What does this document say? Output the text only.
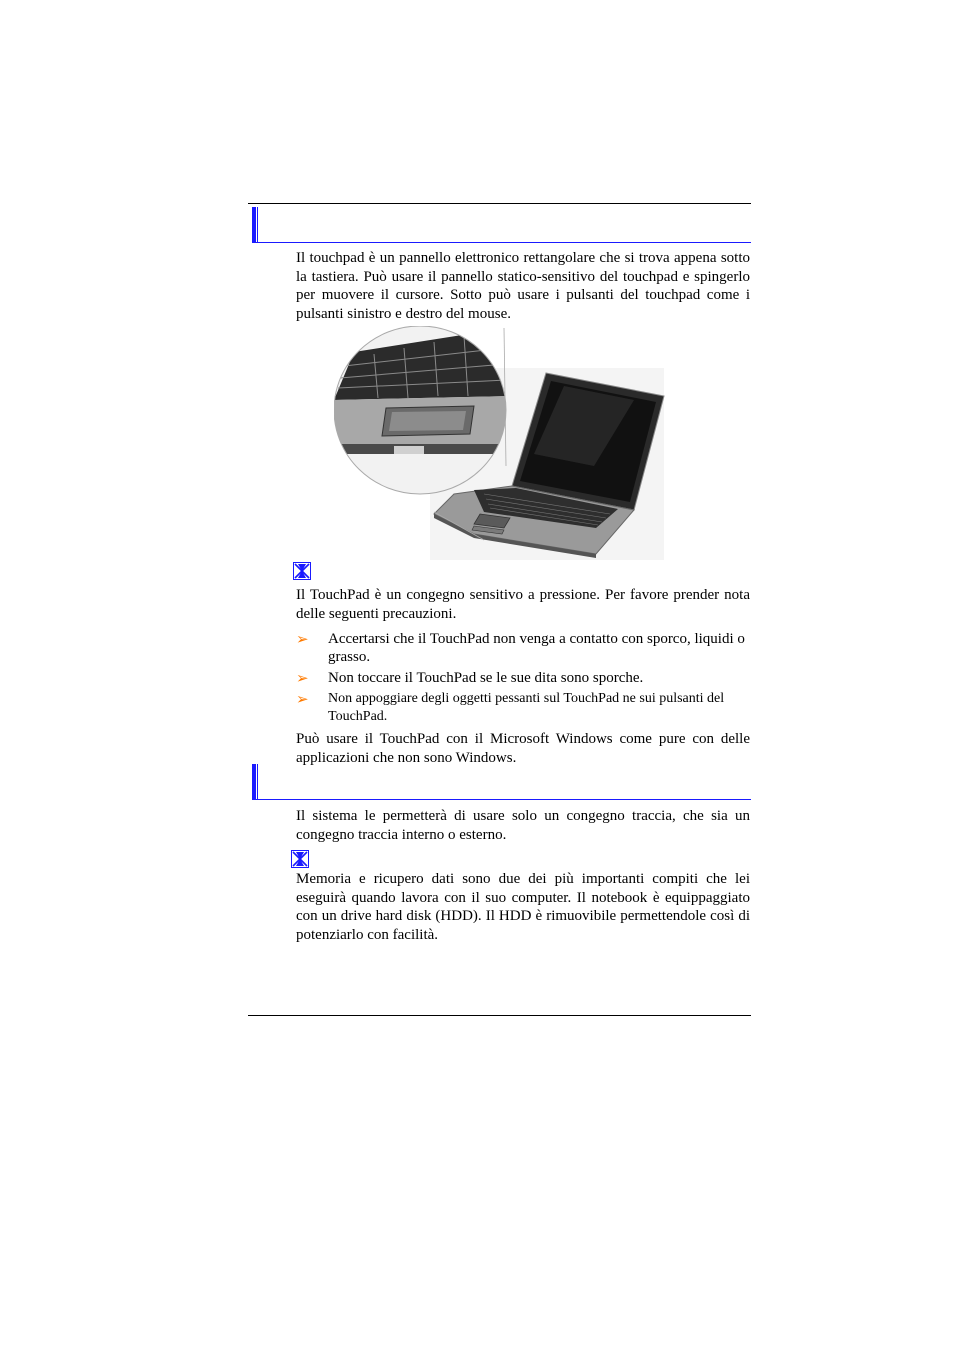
Il touchpad è un pannello elettronico rettangolare che si trova appena sotto la tastiera. Può usare il pannello statico-sensitivo del touchpad e spingerlo per muovere il cursore. Sotto può usare i pulsanti del touchpad come i pulsanti sinistro e destro del mouse.
Il TouchPad è un congegno sensitivo a pressione. Per favore prender nota delle seguenti precauzioni.
➢ Accertarsi che il TouchPad non venga a contatto con sporco, liquidi o grasso.
➢ Non toccare il TouchPad se le sue dita sono sporche.
➢ Non appoggiare degli oggetti pessanti sul TouchPad ne sui pulsanti del TouchPad.
Può usare il TouchPad con il Microsoft Windows come pure con delle applicazioni che non sono Windows.
Il sistema le permetterà di usare solo un congegno traccia, che sia un congegno traccia interno o esterno.
Memoria e ricupero dati sono due dei più importanti compiti che lei eseguirà quando lavora con il suo computer. Il notebook è equippaggiato con un drive hard disk (HDD). Il HDD è rimuovibile permettendole così di potenziarlo con facilità.
